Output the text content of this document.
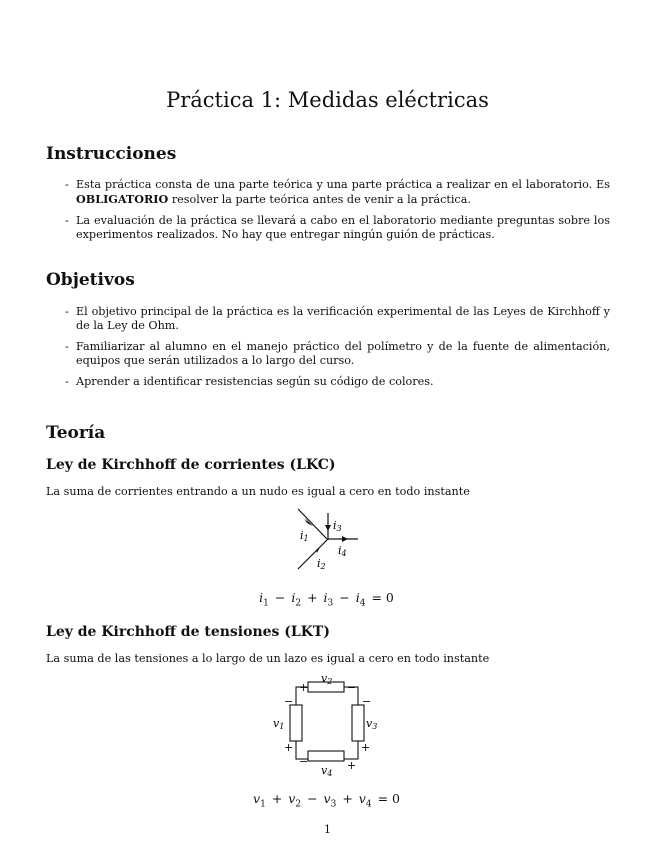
Práctica 1: Medidas eléctricas
Instrucciones
- Esta práctica consta de una parte teórica y una parte práctica a realizar en el laboratorio. Es OBLIGATORIO resolver la parte teórica antes de venir a la práctica.
- La evaluación de la práctica se llevará a cabo en el laboratorio mediante preguntas sobre los experimentos realizados. No hay que entregar ningún guión de prácticas.
Objetivos
- El objetivo principal de la práctica es la verificación experimental de las Leyes de Kirchhoff y de la Ley de Ohm.
- Familiarizar al alumno en el manejo práctico del polímetro y de la fuente de alimentación, equipos que serán utilizados a lo largo del curso.
- Aprender a identificar resistencias según su código de colores.
Teoría
Ley de Kirchhoff de corrientes (LKC)

La suma de corrientes entrando a un nudo es igual a cero en todo instante

i1
i3
i4
i2
$i_1 - i_2 + i_3 - i_4 = 0$
Ley de Kirchhoff de tensiones (LKT)

La suma de las tensiones a lo largo de un lazo es igual a cero en todo instante

v2
v4
v1	v3
+	−
−
+
−
+
−	+
$v_1 + v_2 - v_3 + v_4 = 0$
1
